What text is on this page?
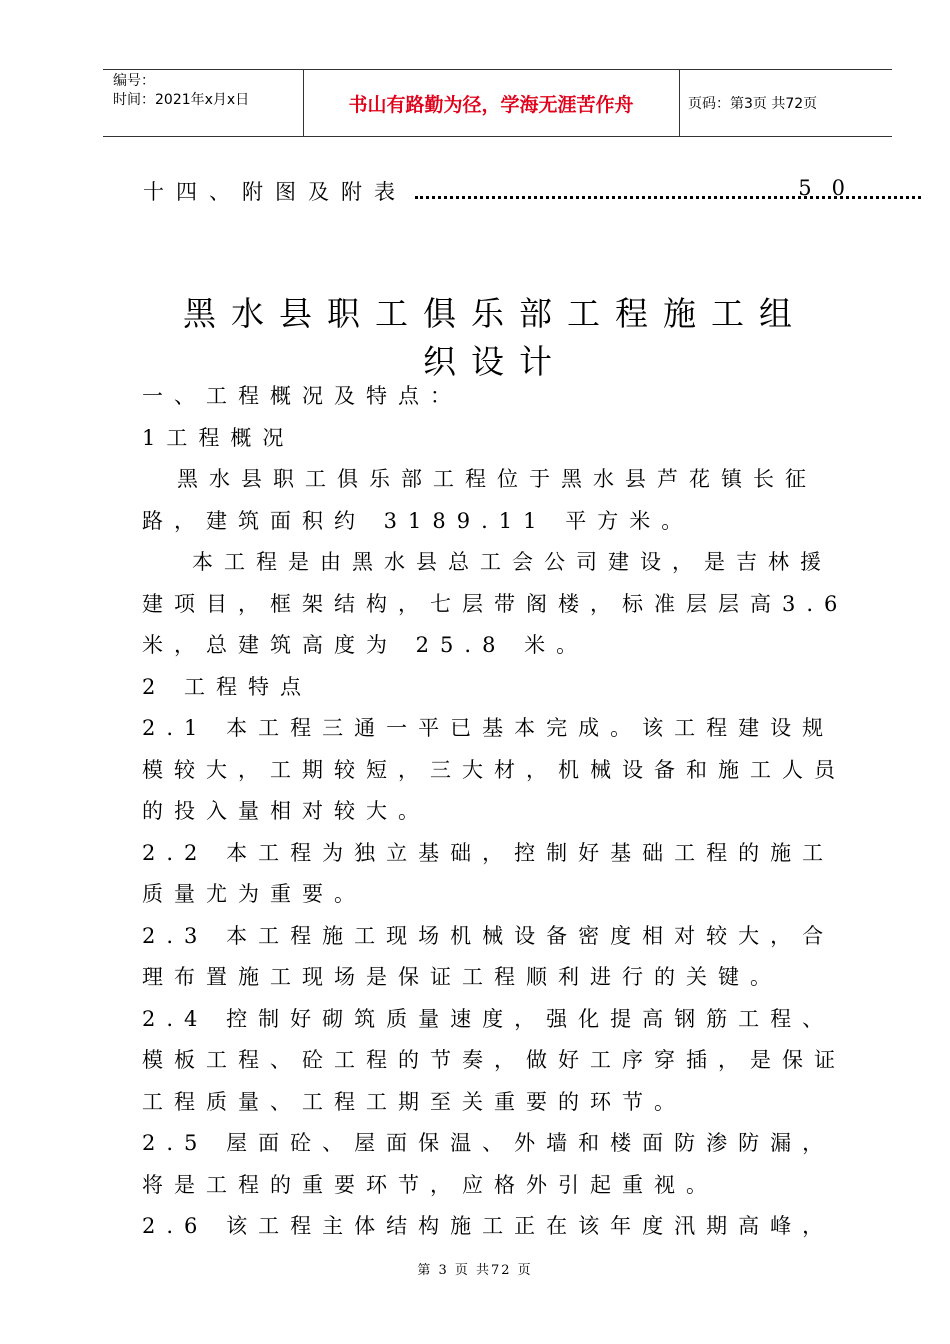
编号：
时间：2021年x月x日	书山有路勤为径，学海无涯苦作舟	页码：第3页 共72页
十四、附图及附表	50
黑水县职工俱乐部工程施工组
织设计

一、工程概况及特点：

1工程概况

黑水县职工俱乐部工程位于黑水县芦花镇长征路，建筑面积约 3189.11 平方米。

本工程是由黑水县总工会公司建设，是吉林援建项目，框架结构，七层带阁楼，标准层层高3.6 米，总建筑高度为 25.8 米。

2 工程特点

2.1 本工程三通一平已基本完成。该工程建设规模较大，工期较短，三大材，机械设备和施工人员的投入量相对较大。

2.2 本工程为独立基础，控制好基础工程的施工质量尤为重要。

2.3 本工程施工现场机械设备密度相对较大，合理布置施工现场是保证工程顺利进行的关键。

2.4 控制好砌筑质量速度，强化提高钢筋工程、模板工程、砼工程的节奏，做好工序穿插，是保证工程质量、工程工期至关重要的环节。

2.5 屋面砼、屋面保温、外墙和楼面防渗防漏，将是工程的重要环节，应格外引起重视。

2.6 该工程主体结构施工正在该年度汛期高峰，

第 3 页 共72 页
